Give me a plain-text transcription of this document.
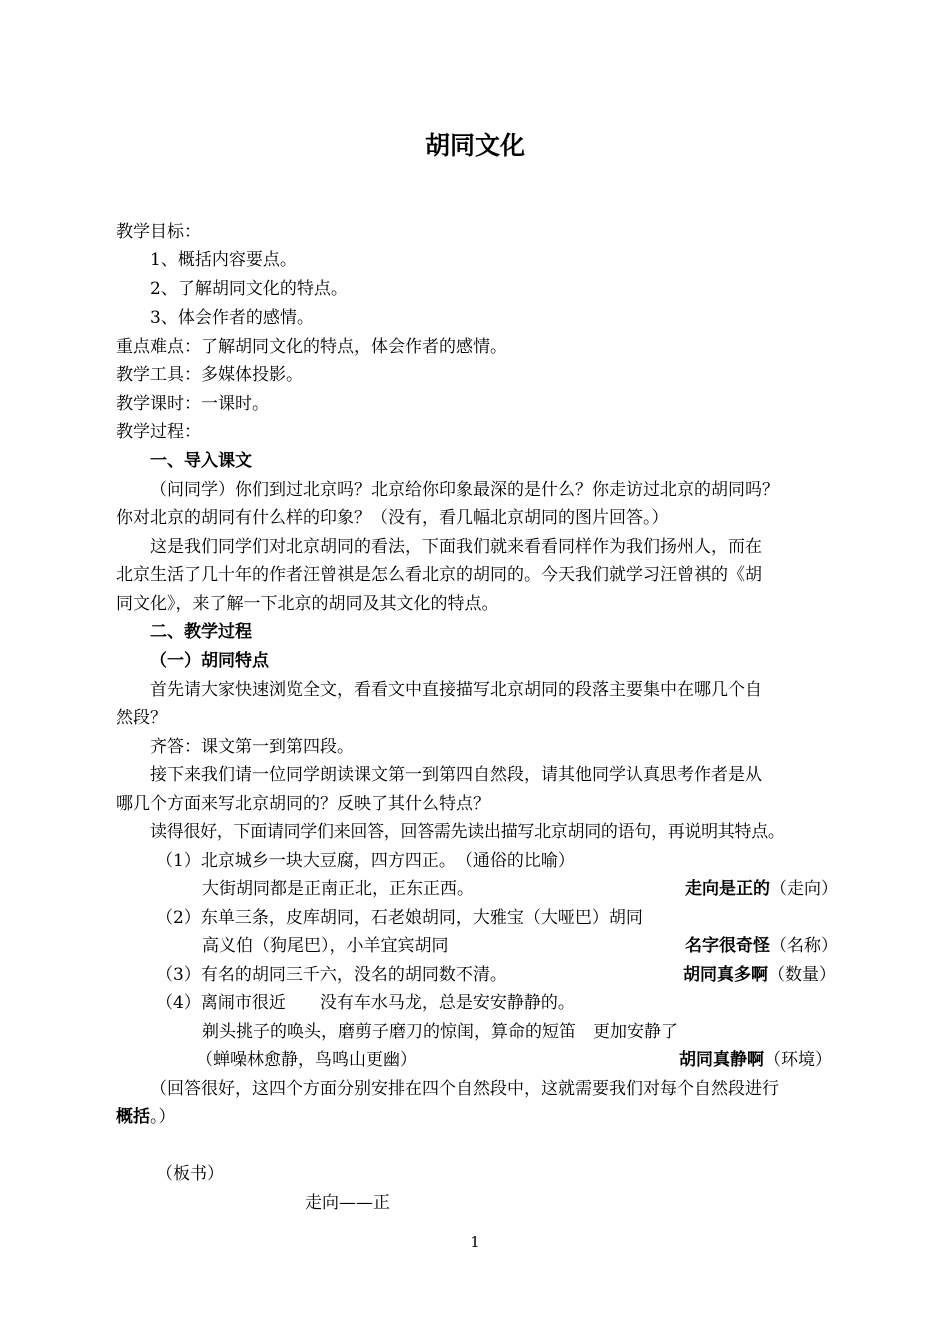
胡同文化
教学目标：
1、概括内容要点。
2、了解胡同文化的特点。
3、体会作者的感情。
重点难点：了解胡同文化的特点，体会作者的感情。
教学工具：多媒体投影。
教学课时：一课时。
教学过程：
一、导入课文
（问同学）你们到过北京吗？北京给你印象最深的是什么？你走访过北京的胡同吗？
你对北京的胡同有什么样的印象？（没有，看几幅北京胡同的图片回答。）
这是我们同学们对北京胡同的看法，下面我们就来看看同样作为我们扬州人，而在
北京生活了几十年的作者汪曾祺是怎么看北京的胡同的。今天我们就学习汪曾祺的《胡
同文化》，来了解一下北京的胡同及其文化的特点。
二、教学过程
（一）胡同特点
首先请大家快速浏览全文，看看文中直接描写北京胡同的段落主要集中在哪几个自
然段？
齐答：课文第一到第四段。
接下来我们请一位同学朗读课文第一到第四自然段，请其他同学认真思考作者是从
哪几个方面来写北京胡同的？反映了其什么特点？
读得很好，下面请同学们来回答，回答需先读出描写北京胡同的语句，再说明其特点。
（1）北京城乡一块大豆腐，四方四正。　（通俗的比喻）
大街胡同都是正南正北，正东正西。	走向是正的（走向）
（2）东单三条，皮库胡同，石老娘胡同，大雅宝（大哑巴）胡同
高义伯（狗尾巴），小羊宜宾胡同	名字很奇怪（名称）
（3）有名的胡同三千六，没名的胡同数不清。	胡同真多啊（数量）
（4）离闹市很近　　没有车水马龙，总是安安静静的。
剃头挑子的唤头，磨剪子磨刀的惊闺，算命的短笛　更加安静了
（蝉噪林愈静，鸟鸣山更幽）	胡同真静啊（环境）
（回答很好，这四个方面分别安排在四个自然段中，这就需要我们对每个自然段进行
概括。）
（板书）
走向——正
1
